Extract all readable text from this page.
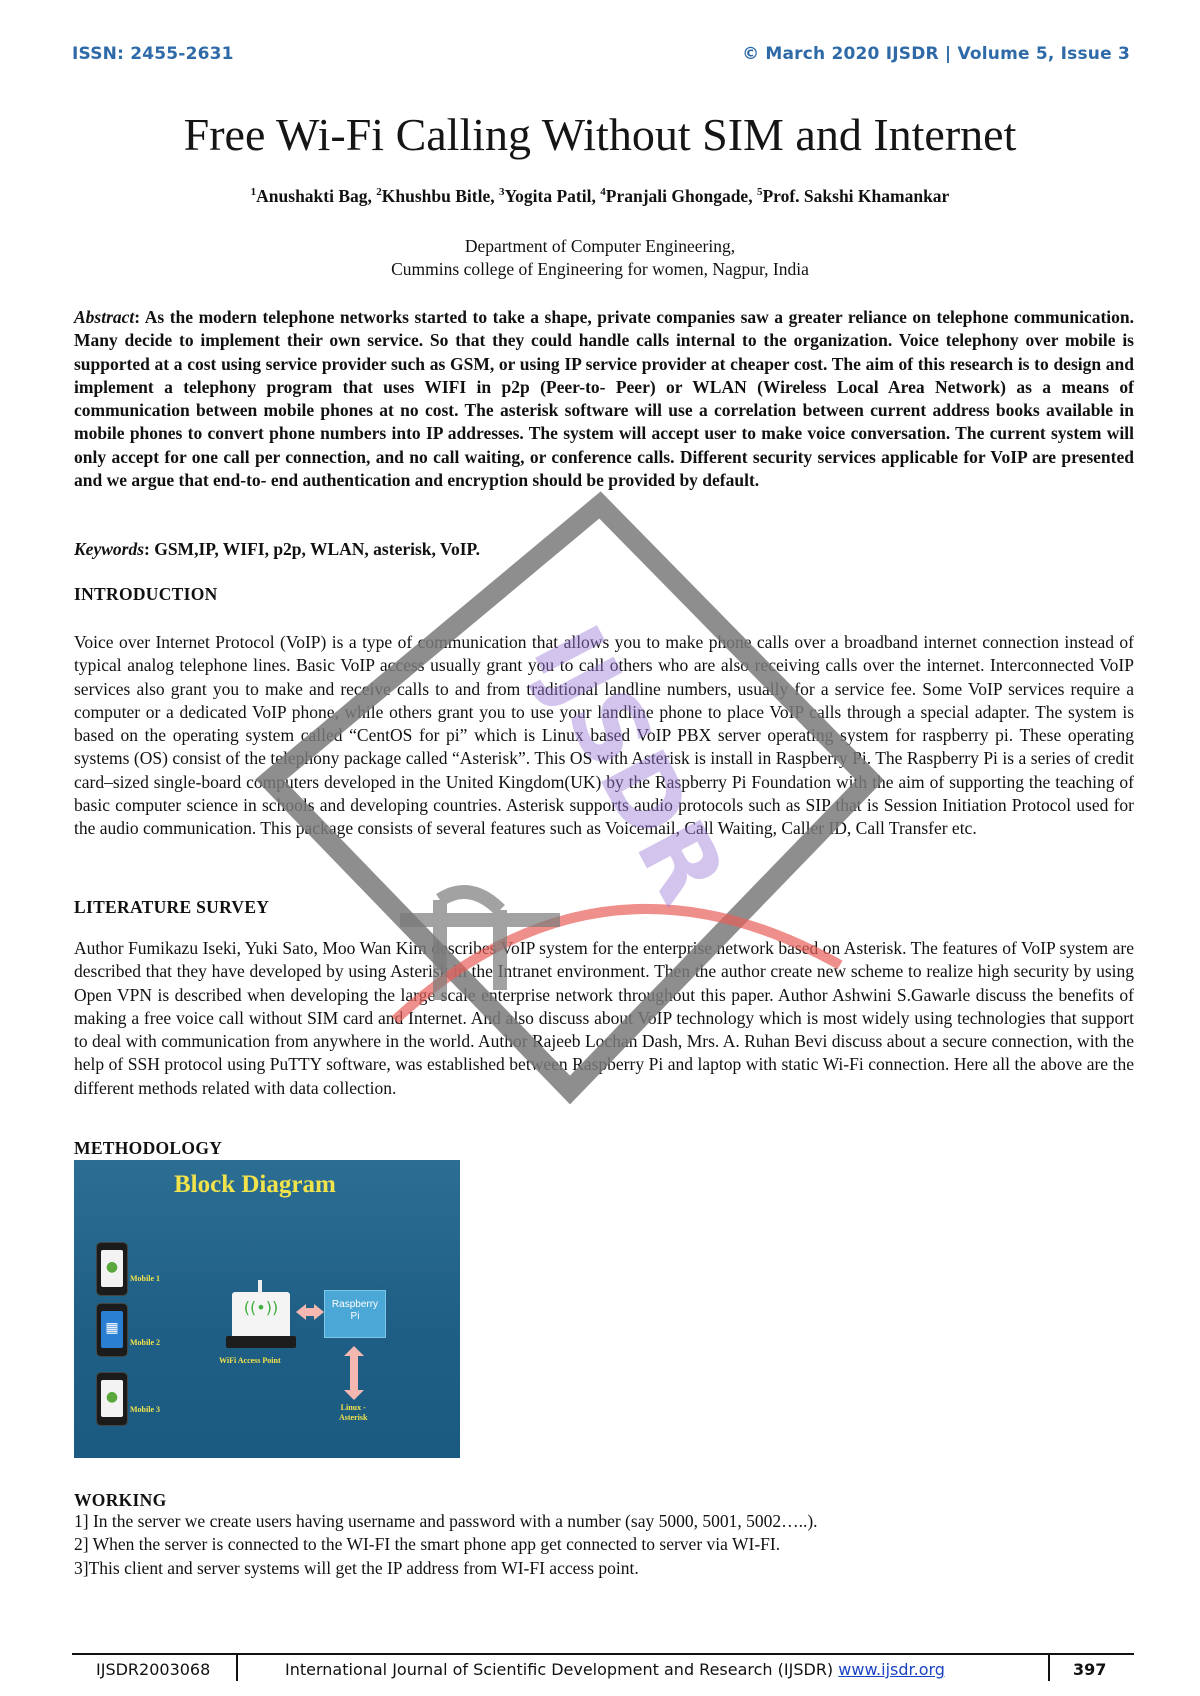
ISSN: 2455-2631	© March 2020 IJSDR | Volume 5, Issue 3
Free Wi-Fi Calling Without SIM and Internet
$^1$Anushakti Bag, $^2$Khushbu Bitle, $^3$Yogita Patil, $^4$Pranjali Ghongade, $^5$Prof. Sakshi Khamankar
Department of Computer Engineering,
Cummins college of Engineering for women, Nagpur, India
Abstract: As the modern telephone networks started to take a shape, private companies saw a greater reliance on telephone communication. Many decide to implement their own service. So that they could handle calls internal to the organization. Voice telephony over mobile is supported at a cost using service provider such as GSM, or using IP service provider at cheaper cost. The aim of this research is to design and implement a telephony program that uses WIFI in p2p (Peer-to- Peer) or WLAN (Wireless Local Area Network) as a means of communication between mobile phones at no cost. The asterisk software will use a correlation between current address books available in mobile phones to convert phone numbers into IP addresses. The system will accept user to make voice conversation. The current system will only accept for one call per connection, and no call waiting, or conference calls. Different security services applicable for VoIP are presented and we argue that end-to- end authentication and encryption should be provided by default.
Keywords: GSM,IP, WIFI, p2p, WLAN, asterisk, VoIP.
INTRODUCTION
Voice over Internet Protocol (VoIP) is a type of communication that allows you to make phone calls over a broadband internet connection instead of typical analog telephone lines. Basic VoIP access usually grant you to call others who are also receiving calls over the internet. Interconnected VoIP services also grant you to make and receive calls to and from traditional landline numbers, usually for a service fee. Some VoIP services require a computer or a dedicated VoIP phone, while others grant you to use your landline phone to place VoIP calls through a special adapter. The system is based on the operating system called “CentOS for pi” which is Linux based VoIP PBX server operating system for raspberry pi. These operating systems (OS) consist of the telephony package called “Asterisk”. This OS with Asterisk is install in Raspberry Pi. The Raspberry Pi is a series of credit card–sized single-board computers developed in the United Kingdom(UK) by the Raspberry Pi Foundation with the aim of supporting the teaching of basic computer science in schools and developing countries. Asterisk supports audio protocols such as SIP that is Session Initiation Protocol used for the audio communication. This package consists of several features such as Voicemail, Call Waiting, Caller ID, Call Transfer etc.
LITERATURE SURVEY
Author Fumikazu Iseki, Yuki Sato, Moo Wan Kim describes VoIP system for the enterprise network based on Asterisk. The features of VoIP system are described that they have developed by using Asterisk in the Intranet environment. Then the author create new scheme to realize high security by using Open VPN is described when developing the large scale enterprise network throughout this paper. Author Ashwini S.Gawarle discuss the benefits of making a free voice call without SIM card and Internet. And also discuss about VoIP technology which is most widely using technologies that support to deal with communication from anywhere in the world. Author Rajeeb Lochan Dash, Mrs. A. Ruhan Bevi discuss about a secure connection, with the help of SSH protocol using PuTTY software, was established between Raspberry Pi and laptop with static Wi-Fi connection. Here all the above are the different methods related with data collection.
METHODOLOGY
Block Diagram
●
Mobile 1
▦
Mobile 2
●
Mobile 3
((•))
WiFi Access Point
Raspberry
Pi
Linux -
Asterisk
WORKING
1] In the server we create users having username and password with a number (say 5000, 5001, 5002…..).
2] When the server is connected to the WI-FI the smart phone app get connected to server via WI-FI.
3]This client and server systems will get the IP address from WI-FI access point.
IJSDR
IJSDR2003068	International Journal of Scientific Development and Research (IJSDR) www.ijsdr.org	397
